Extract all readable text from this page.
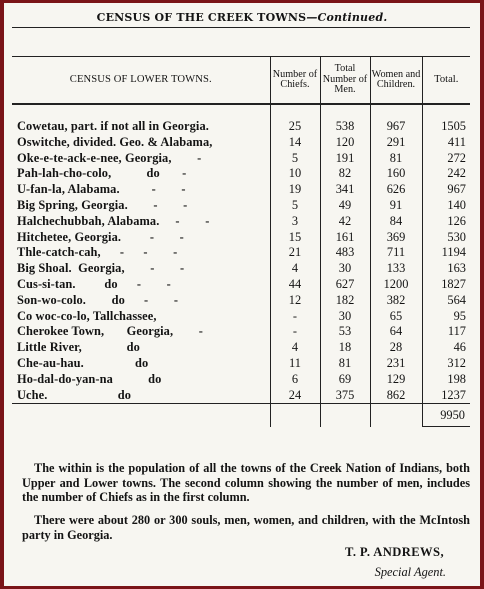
CENSUS OF THE CREEK TOWNS—Continued.
CENSUS OF LOWER TOWNS.	Number of Chiefs.	Total Number of Men.	Women and Children.	Total.
Cowetau, part. if not all in Georgia.	25	538	967	1505
Oswitche, divided. Geo. & Alabama,	14	120	291	411
Oke-e-te-ack-e-nee, Georgia,        -	5	191	81	272
Pah-lah-cho-colo,           do       -	10	82	160	242
U-fan-la, Alabama.          -        -	19	341	626	967
Big Spring, Georgia.        -        -	5	49	91	140
Halchechubbah, Alabama.     -        -	3	42	84	126
Hitchetee, Georgia.         -        -	15	161	369	530
Thle-catch-cah,      -      -        -	21	483	711	1194
Big Shoal.  Georgia,        -        -	4	30	133	163
Cus-si-tan.         do      -        -	44	627	1200	1827
Son-wo-colo.        do      -        -	12	182	382	564
Co woc-co-lo, Tallchassee,	-	30	65	95
Cherokee Town,       Georgia,        -	-	53	64	117
Little River,              do	4	18	28	46
Che-au-hau.                do	11	81	231	312
Ho-dal-do-yan-na           do	6	69	129	198
Uche.                      do	24	375	862	1237
				9950
The within is the population of all the towns of the Creek Nation of Indians, both Upper and Lower towns. The second column showing the number of men, includes the number of Chiefs as in the first column.
There were about 280 or 300 souls, men, women, and children, with the McIntosh party in Georgia.
T. P. ANDREWS,
Special Agent.
